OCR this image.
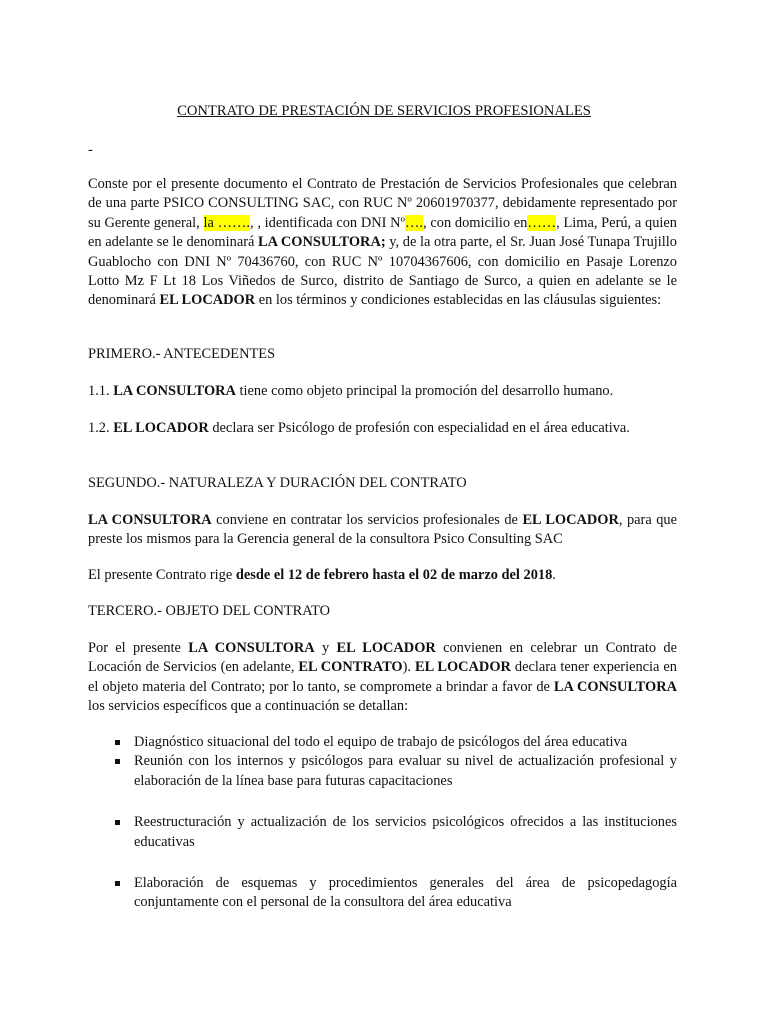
CONTRATO DE PRESTACIÓN DE SERVICIOS PROFESIONALES
-
Conste por el presente documento el Contrato de Prestación de Servicios Profesionales que celebran de una parte PSICO CONSULTING SAC, con RUC Nº 20601970377, debidamente representado por su Gerente general, la ……., , identificada con DNI Nº…., con domicilio en……, Lima, Perú, a quien en adelante se le denominará LA CONSULTORA; y, de la otra parte, el Sr. Juan José Tunapa Trujillo Guablocho con DNI Nº 70436760, con RUC Nº 10704367606, con domicilio en Pasaje Lorenzo Lotto Mz F Lt 18 Los Viñedos de Surco, distrito de Santiago de Surco, a quien en adelante se le denominará EL LOCADOR en los términos y condiciones establecidas en las cláusulas siguientes:
PRIMERO.- ANTECEDENTES
1.1. LA CONSULTORA tiene como objeto principal la promoción del desarrollo humano.
1.2. EL LOCADOR declara ser Psicólogo de profesión con especialidad en el área educativa.
SEGUNDO.- NATURALEZA Y DURACIÓN DEL CONTRATO
LA CONSULTORA conviene en contratar los servicios profesionales de EL LOCADOR, para que preste los mismos para la Gerencia general de la consultora Psico Consulting SAC
El presente Contrato rige desde el 12 de febrero hasta el 02 de marzo del 2018.
TERCERO.- OBJETO DEL CONTRATO
Por el presente LA CONSULTORA y EL LOCADOR convienen en celebrar un Contrato de Locación de Servicios (en adelante, EL CONTRATO). EL LOCADOR declara tener experiencia en el objeto materia del Contrato; por lo tanto, se compromete a brindar a favor de LA CONSULTORA los servicios específicos que a continuación se detallan:
Diagnóstico situacional del todo el equipo de trabajo de psicólogos del área educativa
Reunión con los internos y psicólogos para evaluar su nivel de actualización profesional y elaboración de la línea base para futuras capacitaciones
Reestructuración y actualización de los servicios psicológicos ofrecidos a las instituciones educativas
Elaboración de esquemas y procedimientos generales del área de psicopedagogía conjuntamente con el personal de la consultora del área educativa
